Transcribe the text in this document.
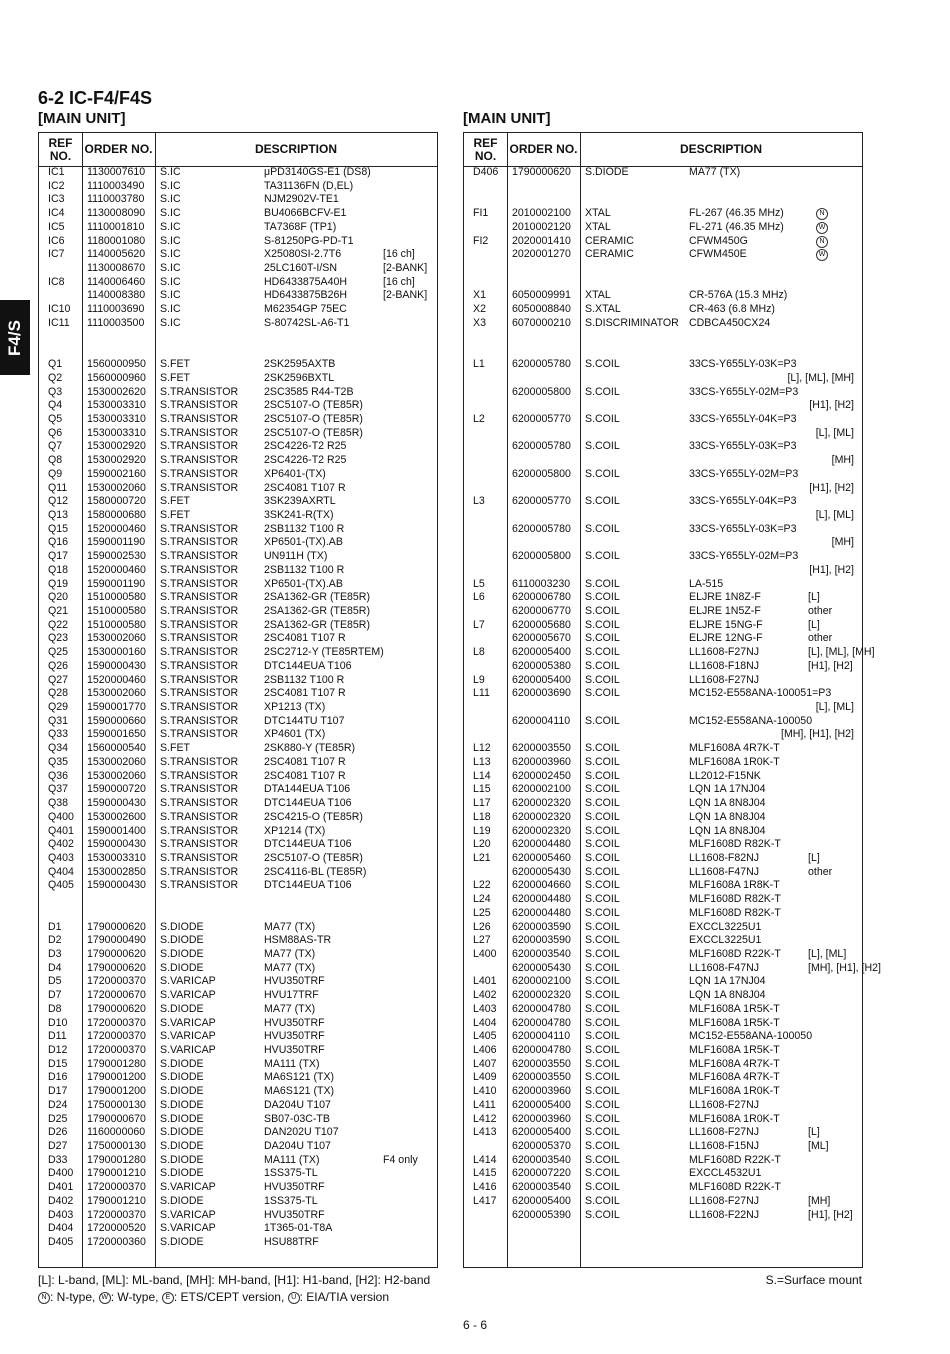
6-2 IC-F4/F4S
[MAIN UNIT]	[MAIN UNIT]
F4/S
REF NO.	ORDER NO.	DESCRIPTION
IC1 1130007610 S.IC	μPD3140GS-E1 (DS8)
IC2 1110003490 S.IC	TA31136FN (D,EL)
IC3 1110003780 S.IC	NJM2902V-TE1
IC4 1130008090 S.IC	BU4066BCFV-E1
IC5 1110001810 S.IC	TA7368F (TP1)
IC6 1180001080 S.IC	S-81250PG-PD-T1
IC7 1140005620 S.IC	X25080SI-2.7T6	[16 ch]
1130008670 S.IC	25LC160T-I/SN	[2-BANK]
IC8 1140006460 S.IC	HD6433875A40H	[16 ch]
1140008380 S.IC	HD6433875B26H	[2-BANK]
IC10 1110003690 S.IC	M62354GP 75EC
IC11 1110003500 S.IC	S-80742SL-A6-T1
Q1 1560000950 S.FET	2SK2595AXTB
Q2 1560000960 S.FET	2SK2596BXTL
Q3 1530002620 S.TRANSISTOR 2SC3585 R44-T2B
Q4 1530003310 S.TRANSISTOR 2SC5107-O (TE85R)
Q5 1530003310 S.TRANSISTOR 2SC5107-O (TE85R)
Q6 1530003310 S.TRANSISTOR 2SC5107-O (TE85R)
Q7 1530002920 S.TRANSISTOR 2SC4226-T2 R25
Q8 1530002920 S.TRANSISTOR 2SC4226-T2 R25
Q9 1590002160 S.TRANSISTOR XP6401-(TX)
Q11 1530002060 S.TRANSISTOR 2SC4081 T107 R
Q12 1580000720 S.FET	3SK239AXRTL
Q13 1580000680 S.FET	3SK241-R(TX)
Q15 1520000460 S.TRANSISTOR 2SB1132 T100 R
Q16 1590001190 S.TRANSISTOR XP6501-(TX).AB
Q17 1590002530 S.TRANSISTOR UN911H (TX)
Q18 1520000460 S.TRANSISTOR 2SB1132 T100 R
Q19 1590001190 S.TRANSISTOR XP6501-(TX).AB
Q20 1510000580 S.TRANSISTOR 2SA1362-GR (TE85R)
Q21 1510000580 S.TRANSISTOR 2SA1362-GR (TE85R)
Q22 1510000580 S.TRANSISTOR 2SA1362-GR (TE85R)
Q23 1530002060 S.TRANSISTOR 2SC4081 T107 R
Q25 1530000160 S.TRANSISTOR 2SC2712-Y (TE85RTEM)
Q26 1590000430 S.TRANSISTOR DTC144EUA T106
Q27 1520000460 S.TRANSISTOR 2SB1132 T100 R
Q28 1530002060 S.TRANSISTOR 2SC4081 T107 R
Q29 1590001770 S.TRANSISTOR XP1213 (TX)
Q31 1590000660 S.TRANSISTOR DTC144TU T107
Q33 1590001650 S.TRANSISTOR XP4601 (TX)
Q34 1560000540 S.FET	2SK880-Y (TE85R)
Q35 1530002060 S.TRANSISTOR 2SC4081 T107 R
Q36 1530002060 S.TRANSISTOR 2SC4081 T107 R
Q37 1590000720 S.TRANSISTOR DTA144EUA T106
Q38 1590000430 S.TRANSISTOR DTC144EUA T106
Q400 1530002600 S.TRANSISTOR 2SC4215-O (TE85R)
Q401 1590001400 S.TRANSISTOR XP1214 (TX)
Q402 1590000430 S.TRANSISTOR DTC144EUA T106
Q403 1530003310 S.TRANSISTOR 2SC5107-O (TE85R)
Q404 1530002850 S.TRANSISTOR 2SC4116-BL (TE85R)
Q405 1590000430 S.TRANSISTOR DTC144EUA T106
D1 1790000620 S.DIODE	MA77 (TX)
D2 1790000490 S.DIODE	HSM88AS-TR
D3 1790000620 S.DIODE	MA77 (TX)
D4 1790000620 S.DIODE	MA77 (TX)
D5 1720000370 S.VARICAP	HVU350TRF
D7 1720000670 S.VARICAP	HVU17TRF
D8 1790000620 S.DIODE	MA77 (TX)
D10 1720000370 S.VARICAP	HVU350TRF
D11 1720000370 S.VARICAP	HVU350TRF
D12 1720000370 S.VARICAP	HVU350TRF
D15 1790001280 S.DIODE	MA111 (TX)
D16 1790001200 S.DIODE	MA6S121 (TX)
D17 1790001200 S.DIODE	MA6S121 (TX)
D24 1750000130 S.DIODE	DA204U T107
D25 1790000670 S.DIODE	SB07-03C-TB
D26 1160000060 S.DIODE	DAN202U T107
D27 1750000130 S.DIODE	DA204U T107
D33 1790001280 S.DIODE	MA111 (TX)	F4 only
D400 1790001210 S.DIODE	1SS375-TL
D401 1720000370 S.VARICAP	HVU350TRF
D402 1790001210 S.DIODE	1SS375-TL
D403 1720000370 S.VARICAP	HVU350TRF
D404 1720000520 S.VARICAP	1T365-01-T8A
D405 1720000360 S.DIODE	HSU88TRF
REF NO.	ORDER NO.	DESCRIPTION
D406 1790000620 S.DIODE	MA77 (TX)
FI1 2010002100 XTAL	FL-267 (46.35 MHz)	N
2010002120 XTAL	FL-271 (46.35 MHz)	W
FI2 2020001410 CERAMIC	CFWM450G	N
2020001270 CERAMIC	CFWM450E	W
X1 6050009991 XTAL	CR-576A (15.3 MHz)
X2 6050008840 S.XTAL	CR-463 (6.8 MHz)
X3 6070000210 S.DISCRIMINATOR CDBCA450CX24
L1	6200005780 S.COIL	33CS-Y655LY-03K=P3
[L], [ML], [MH]
6200005800 S.COIL	33CS-Y655LY-02M=P3
[H1], [H2]
L2	6200005770 S.COIL	33CS-Y655LY-04K=P3
[L], [ML]
6200005780 S.COIL	33CS-Y655LY-03K=P3
[MH]
6200005800 S.COIL	33CS-Y655LY-02M=P3
[H1], [H2]
L3	6200005770 S.COIL	33CS-Y655LY-04K=P3
[L], [ML]
6200005780 S.COIL	33CS-Y655LY-03K=P3
[MH]
6200005800 S.COIL	33CS-Y655LY-02M=P3
[H1], [H2]
L5	6110003230 S.COIL	LA-515
L6	6200006780 S.COIL	ELJRE 1N8Z-F	[L]
6200006770 S.COIL	ELJRE 1N5Z-F	other
L7	6200005680 S.COIL	ELJRE 15NG-F	[L]
6200005670 S.COIL	ELJRE 12NG-F	other
L8	6200005400 S.COIL	LL1608-F27NJ	[L], [ML], [MH]
6200005380 S.COIL	LL1608-F18NJ	[H1], [H2]
L9	6200005400 S.COIL	LL1608-F27NJ
L11 6200003690 S.COIL	MC152-E558ANA-100051=P3
[L], [ML]
6200004110 S.COIL	MC152-E558ANA-100050
[MH], [H1], [H2]
L12 6200003550 S.COIL	MLF1608A 4R7K-T
L13 6200003960 S.COIL	MLF1608A 1R0K-T
L14 6200002450 S.COIL	LL2012-F15NK
L15 6200002100 S.COIL	LQN 1A 17NJ04
L17 6200002320 S.COIL	LQN 1A 8N8J04
L18 6200002320 S.COIL	LQN 1A 8N8J04
L19 6200002320 S.COIL	LQN 1A 8N8J04
L20 6200004480 S.COIL	MLF1608D R82K-T
L21 6200005460 S.COIL	LL1608-F82NJ	[L]
6200005430 S.COIL	LL1608-F47NJ	other
L22 6200004660 S.COIL	MLF1608A 1R8K-T
L24 6200004480 S.COIL	MLF1608D R82K-T
L25 6200004480 S.COIL	MLF1608D R82K-T
L26 6200003590 S.COIL	EXCCL3225U1
L27 6200003590 S.COIL	EXCCL3225U1
L400 6200003540 S.COIL	MLF1608D R22K-T	[L], [ML]
6200005430 S.COIL	LL1608-F47NJ	[MH], [H1], [H2]
L401 6200002100 S.COIL	LQN 1A 17NJ04
L402 6200002320 S.COIL	LQN 1A 8N8J04
L403 6200004780 S.COIL	MLF1608A 1R5K-T
L404 6200004780 S.COIL	MLF1608A 1R5K-T
L405 6200004110 S.COIL	MC152-E558ANA-100050
L406 6200004780 S.COIL	MLF1608A 1R5K-T
L407 6200003550 S.COIL	MLF1608A 4R7K-T
L409 6200003550 S.COIL	MLF1608A 4R7K-T
L410 6200003960 S.COIL	MLF1608A 1R0K-T
L411 6200005400 S.COIL	LL1608-F27NJ
L412 6200003960 S.COIL	MLF1608A 1R0K-T
L413 6200005400 S.COIL	LL1608-F27NJ	[L]
6200005370 S.COIL	LL1608-F15NJ	[ML]
L414 6200003540 S.COIL	MLF1608D R22K-T
L415 6200007220 S.COIL	EXCCL4532U1
L416 6200003540 S.COIL	MLF1608D R22K-T
L417 6200005400 S.COIL	LL1608-F27NJ	[MH]
6200005390 S.COIL	LL1608-F22NJ	[H1], [H2]
[L]: L-band, [ML]: ML-band, [MH]: MH-band, [H1]: H1-band, [H2]: H2-band
N : N-type, W : W-type, E : ETS/CEPT version, U : EIA/TIA version
S.=Surface mount
6 - 6
